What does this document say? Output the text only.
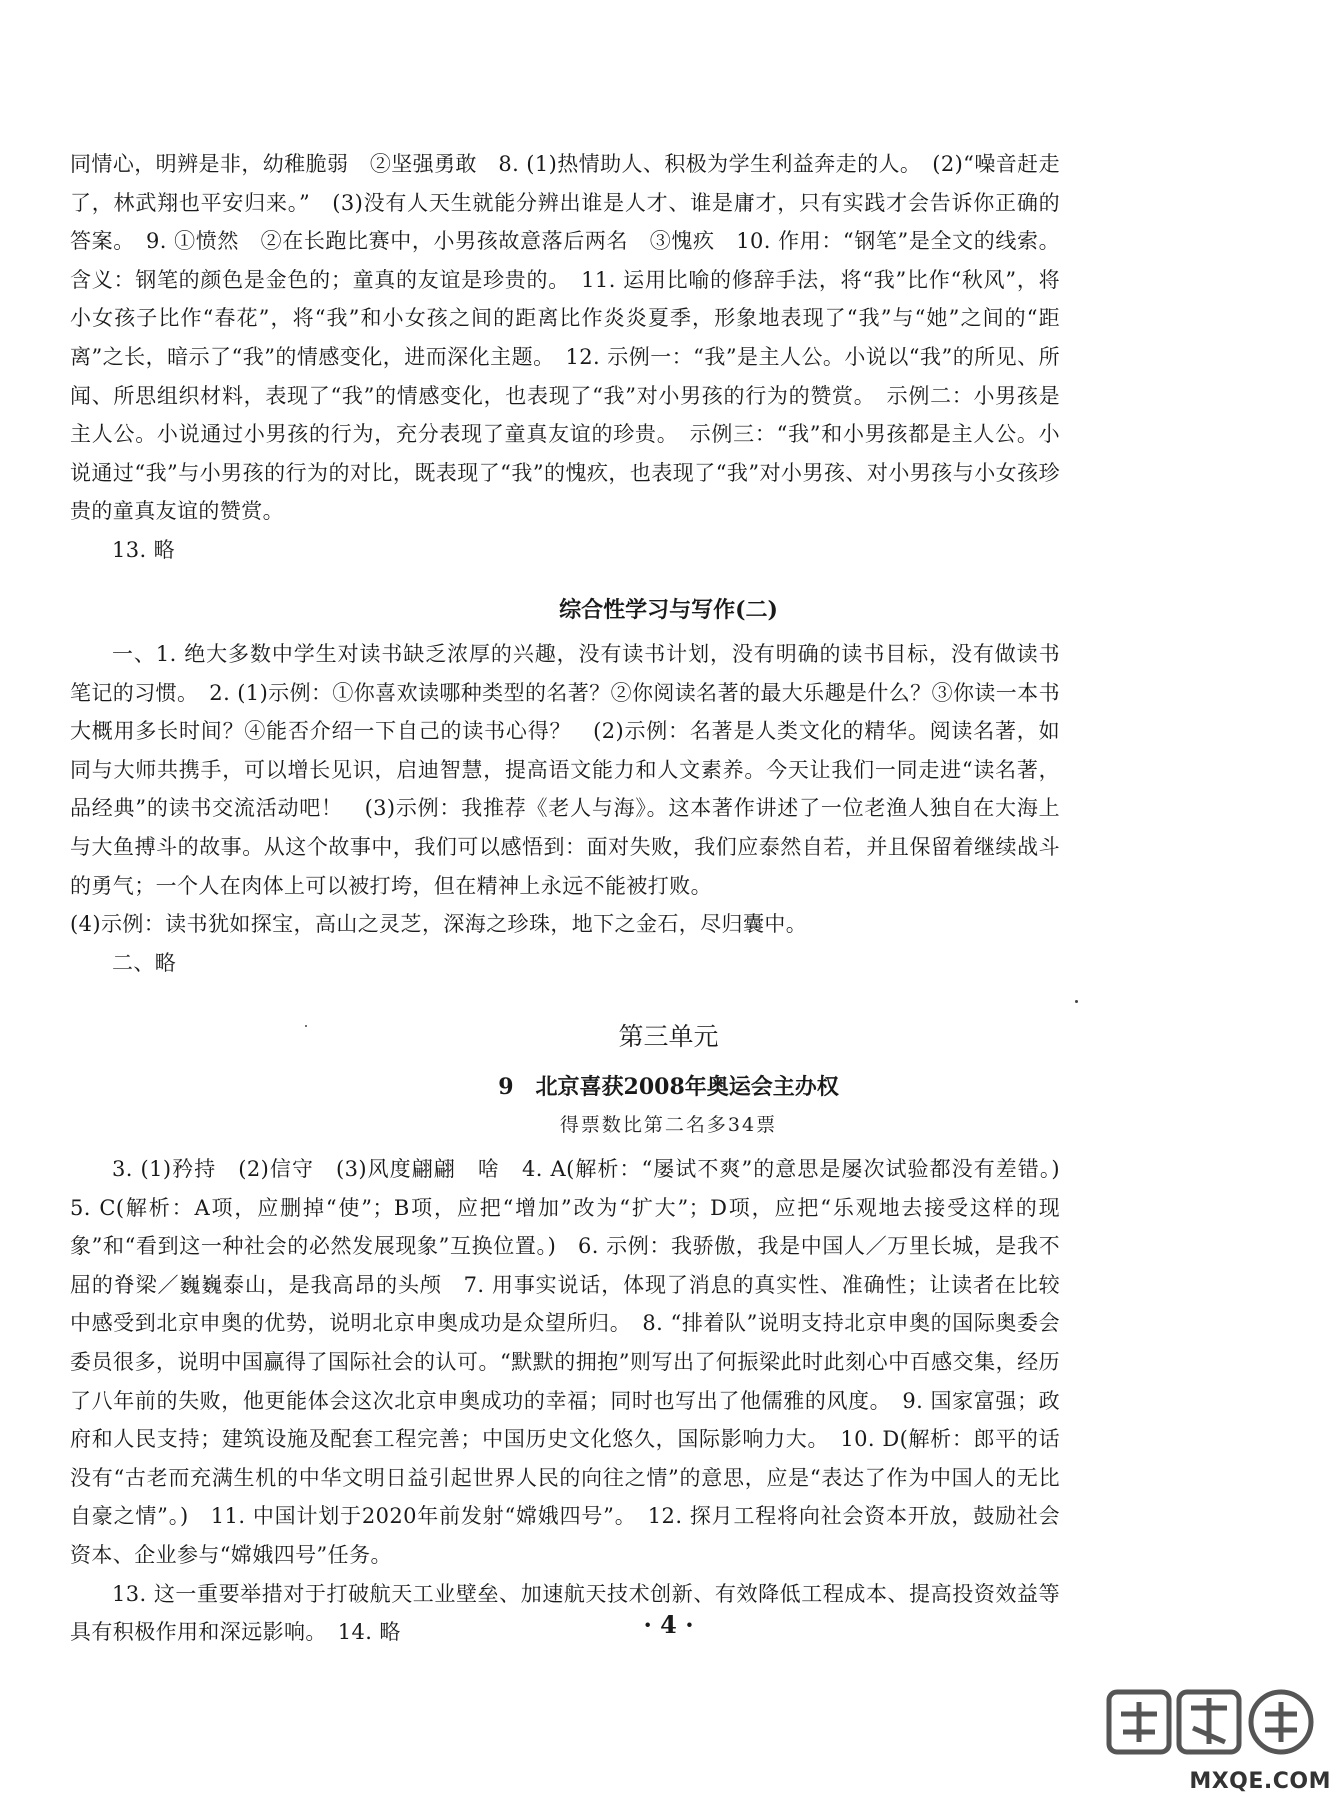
同情心，明辨是非，幼稚脆弱　②坚强勇敢　8. (1)热情助人、积极为学生利益奔走的人。　(2)“噪音赶走了，林武翔也平安归来。”　(3)没有人天生就能分辨出谁是人才、谁是庸才，只有实践才会告诉你正确的答案。　9. ①愤然　②在长跑比赛中，小男孩故意落后两名　③愧疚　10. 作用：“钢笔”是全文的线索。含义：钢笔的颜色是金色的；童真的友谊是珍贵的。　11. 运用比喻的修辞手法，将“我”比作“秋风”，将小女孩子比作“春花”，将“我”和小女孩之间的距离比作炎炎夏季，形象地表现了“我”与“她”之间的“距离”之长，暗示了“我”的情感变化，进而深化主题。　12. 示例一：“我”是主人公。小说以“我”的所见、所闻、所思组织材料，表现了“我”的情感变化，也表现了“我”对小男孩的行为的赞赏。　示例二：小男孩是主人公。小说通过小男孩的行为，充分表现了童真友谊的珍贵。　示例三：“我”和小男孩都是主人公。小说通过“我”与小男孩的行为的对比，既表现了“我”的愧疚，也表现了“我”对小男孩、对小男孩与小女孩珍贵的童真友谊的赞赏。

13. 略

综合性学习与写作(二)

一、1. 绝大多数中学生对读书缺乏浓厚的兴趣，没有读书计划，没有明确的读书目标，没有做读书笔记的习惯。　2. (1)示例：①你喜欢读哪种类型的名著？②你阅读名著的最大乐趣是什么？③你读一本书大概用多长时间？④能否介绍一下自己的读书心得？　(2)示例：名著是人类文化的精华。阅读名著，如同与大师共携手，可以增长见识，启迪智慧，提高语文能力和人文素养。今天让我们一同走进“读名著，品经典”的读书交流活动吧！　(3)示例：我推荐《老人与海》。这本著作讲述了一位老渔人独自在大海上与大鱼搏斗的故事。从这个故事中，我们可以感悟到：面对失败，我们应泰然自若，并且保留着继续战斗的勇气；一个人在肉体上可以被打垮，但在精神上永远不能被打败。

(4)示例：读书犹如探宝，高山之灵芝，深海之珍珠，地下之金石，尽归囊中。

二、略

第三单元
9　北京喜获2008年奥运会主办权
得票数比第二名多34票

3. (1)矜持　(2)信守　(3)风度翩翩　啥　4. A(解析：“屡试不爽”的意思是屡次试验都没有差错。)　5. C(解析：A项，应删掉“使”；B项，应把“增加”改为“扩大”；D项，应把“乐观地去接受这样的现象”和“看到这一种社会的必然发展现象”互换位置。)　6. 示例：我骄傲，我是中国人／万里长城，是我不屈的脊梁／巍巍泰山，是我高昂的头颅　7. 用事实说话，体现了消息的真实性、准确性；让读者在比较中感受到北京申奥的优势，说明北京申奥成功是众望所归。　8. “排着队”说明支持北京申奥的国际奥委会委员很多，说明中国赢得了国际社会的认可。“默默的拥抱”则写出了何振梁此时此刻心中百感交集，经历了八年前的失败，他更能体会这次北京申奥成功的幸福；同时也写出了他儒雅的风度。　9. 国家富强；政府和人民支持；建筑设施及配套工程完善；中国历史文化悠久，国际影响力大。　10. D(解析：郎平的话没有“古老而充满生机的中华文明日益引起世界人民的向往之情”的意思，应是“表达了作为中国人的无比自豪之情”。)　11. 中国计划于2020年前发射“嫦娥四号”。　12. 探月工程将向社会资本开放，鼓励社会资本、企业参与“嫦娥四号”任务。

13. 这一重要举措对于打破航天工业壁垒、加速航天技术创新、有效降低工程成本、提高投资效益等具有积极作用和深远影响。　14. 略	· 4 ·
MXQE.COM
